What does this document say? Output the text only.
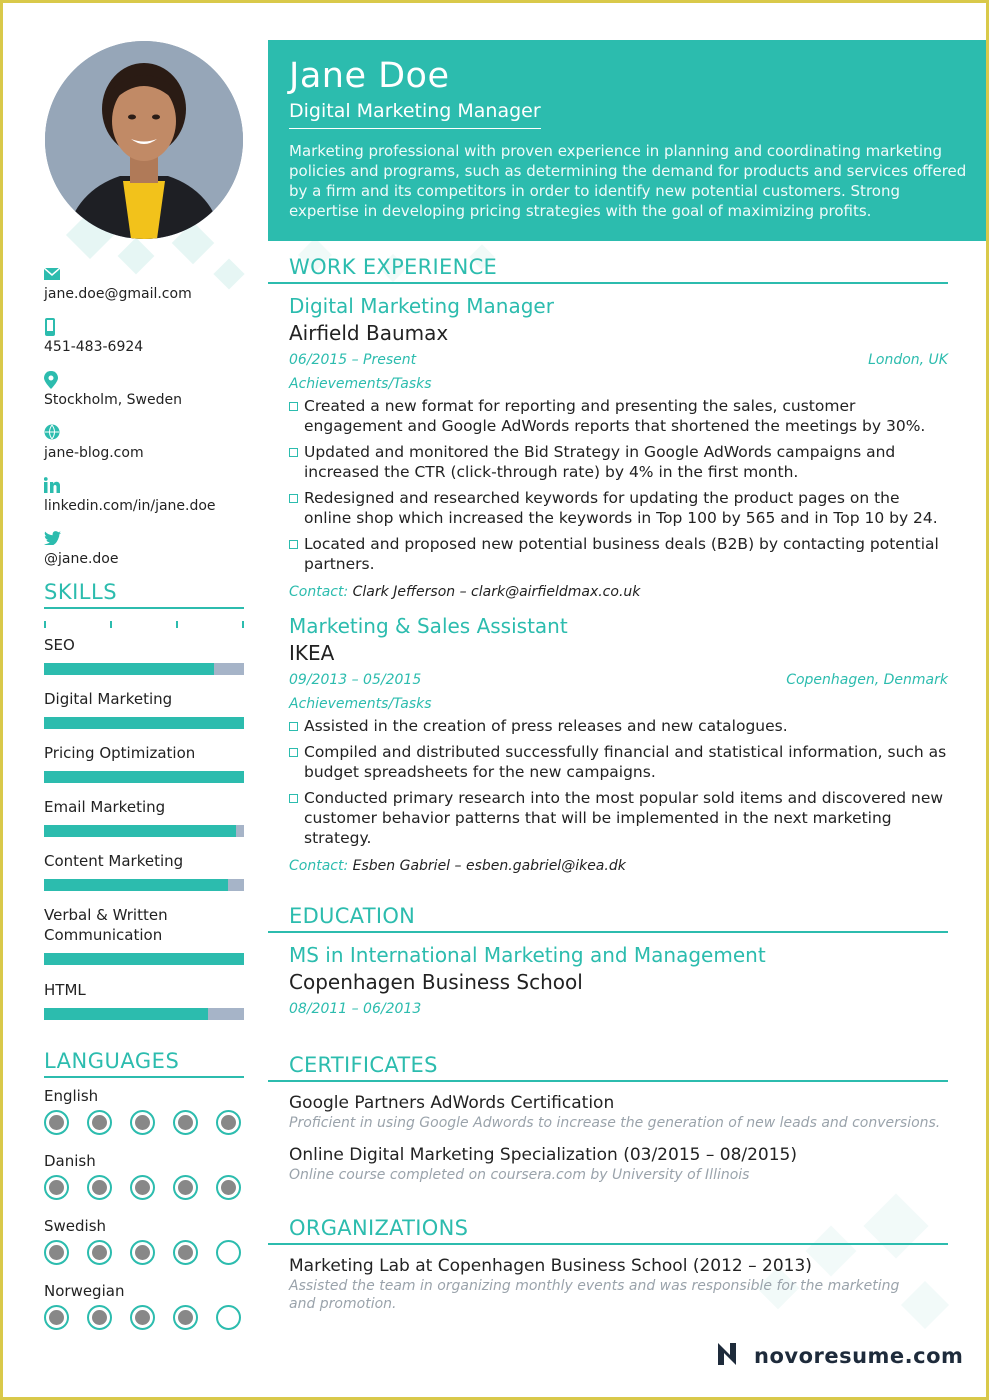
jane.doe@gmail.com
451-483-6924
Stockholm, Sweden
jane-blog.com
linkedin.com/in/jane.doe
@jane.doe
SKILLS
SEO
Digital Marketing
Pricing Optimization
Email Marketing
Content Marketing
Verbal & Written Communication
HTML
LANGUAGES
English
Danish
Swedish
Norwegian
Jane Doe
Digital Marketing Manager
Marketing professional with proven experience in planning and coordinating marketing policies and programs, such as determining the demand for products and services offered by a firm and its competitors in order to identify new potential customers. Strong expertise in developing pricing strategies with the goal of maximizing profits.
WORK EXPERIENCE
Digital Marketing Manager
Airfield Baumax
06/2015 – Present	London, UK
Achievements/Tasks
Created a new format for reporting and presenting the sales, customer engagement and Google AdWords reports that shortened the meetings by 30%.
Updated and monitored the Bid Strategy in Google AdWords campaigns and increased the CTR (click-through rate) by 4% in the first month.
Redesigned and researched keywords for updating the product pages on the online shop which increased the keywords in Top 100 by 565 and in Top 10 by 24.
Located and proposed new potential business deals (B2B) by contacting potential partners.
Contact: Clark Jefferson – clark@airfieldmax.co.uk
Marketing & Sales Assistant
IKEA
09/2013 – 05/2015	Copenhagen, Denmark
Achievements/Tasks
Assisted in the creation of press releases and new catalogues.
Compiled and distributed successfully financial and statistical information, such as budget spreadsheets for the new campaigns.
Conducted primary research into the most popular sold items and discovered new customer behavior patterns that will be implemented in the next marketing strategy.
Contact: Esben Gabriel – esben.gabriel@ikea.dk
EDUCATION
MS in International Marketing and Management
Copenhagen Business School
08/2011 – 06/2013
CERTIFICATES
Google Partners AdWords Certification
Proficient in using Google Adwords to increase the generation of new leads and conversions.
Online Digital Marketing Specialization (03/2015 – 08/2015)
Online course completed on coursera.com by University of Illinois
ORGANIZATIONS
Marketing Lab at Copenhagen Business School (2012 – 2013)
Assisted the team in organizing monthly events and was responsible for the marketing and promotion.
novoresume.com
